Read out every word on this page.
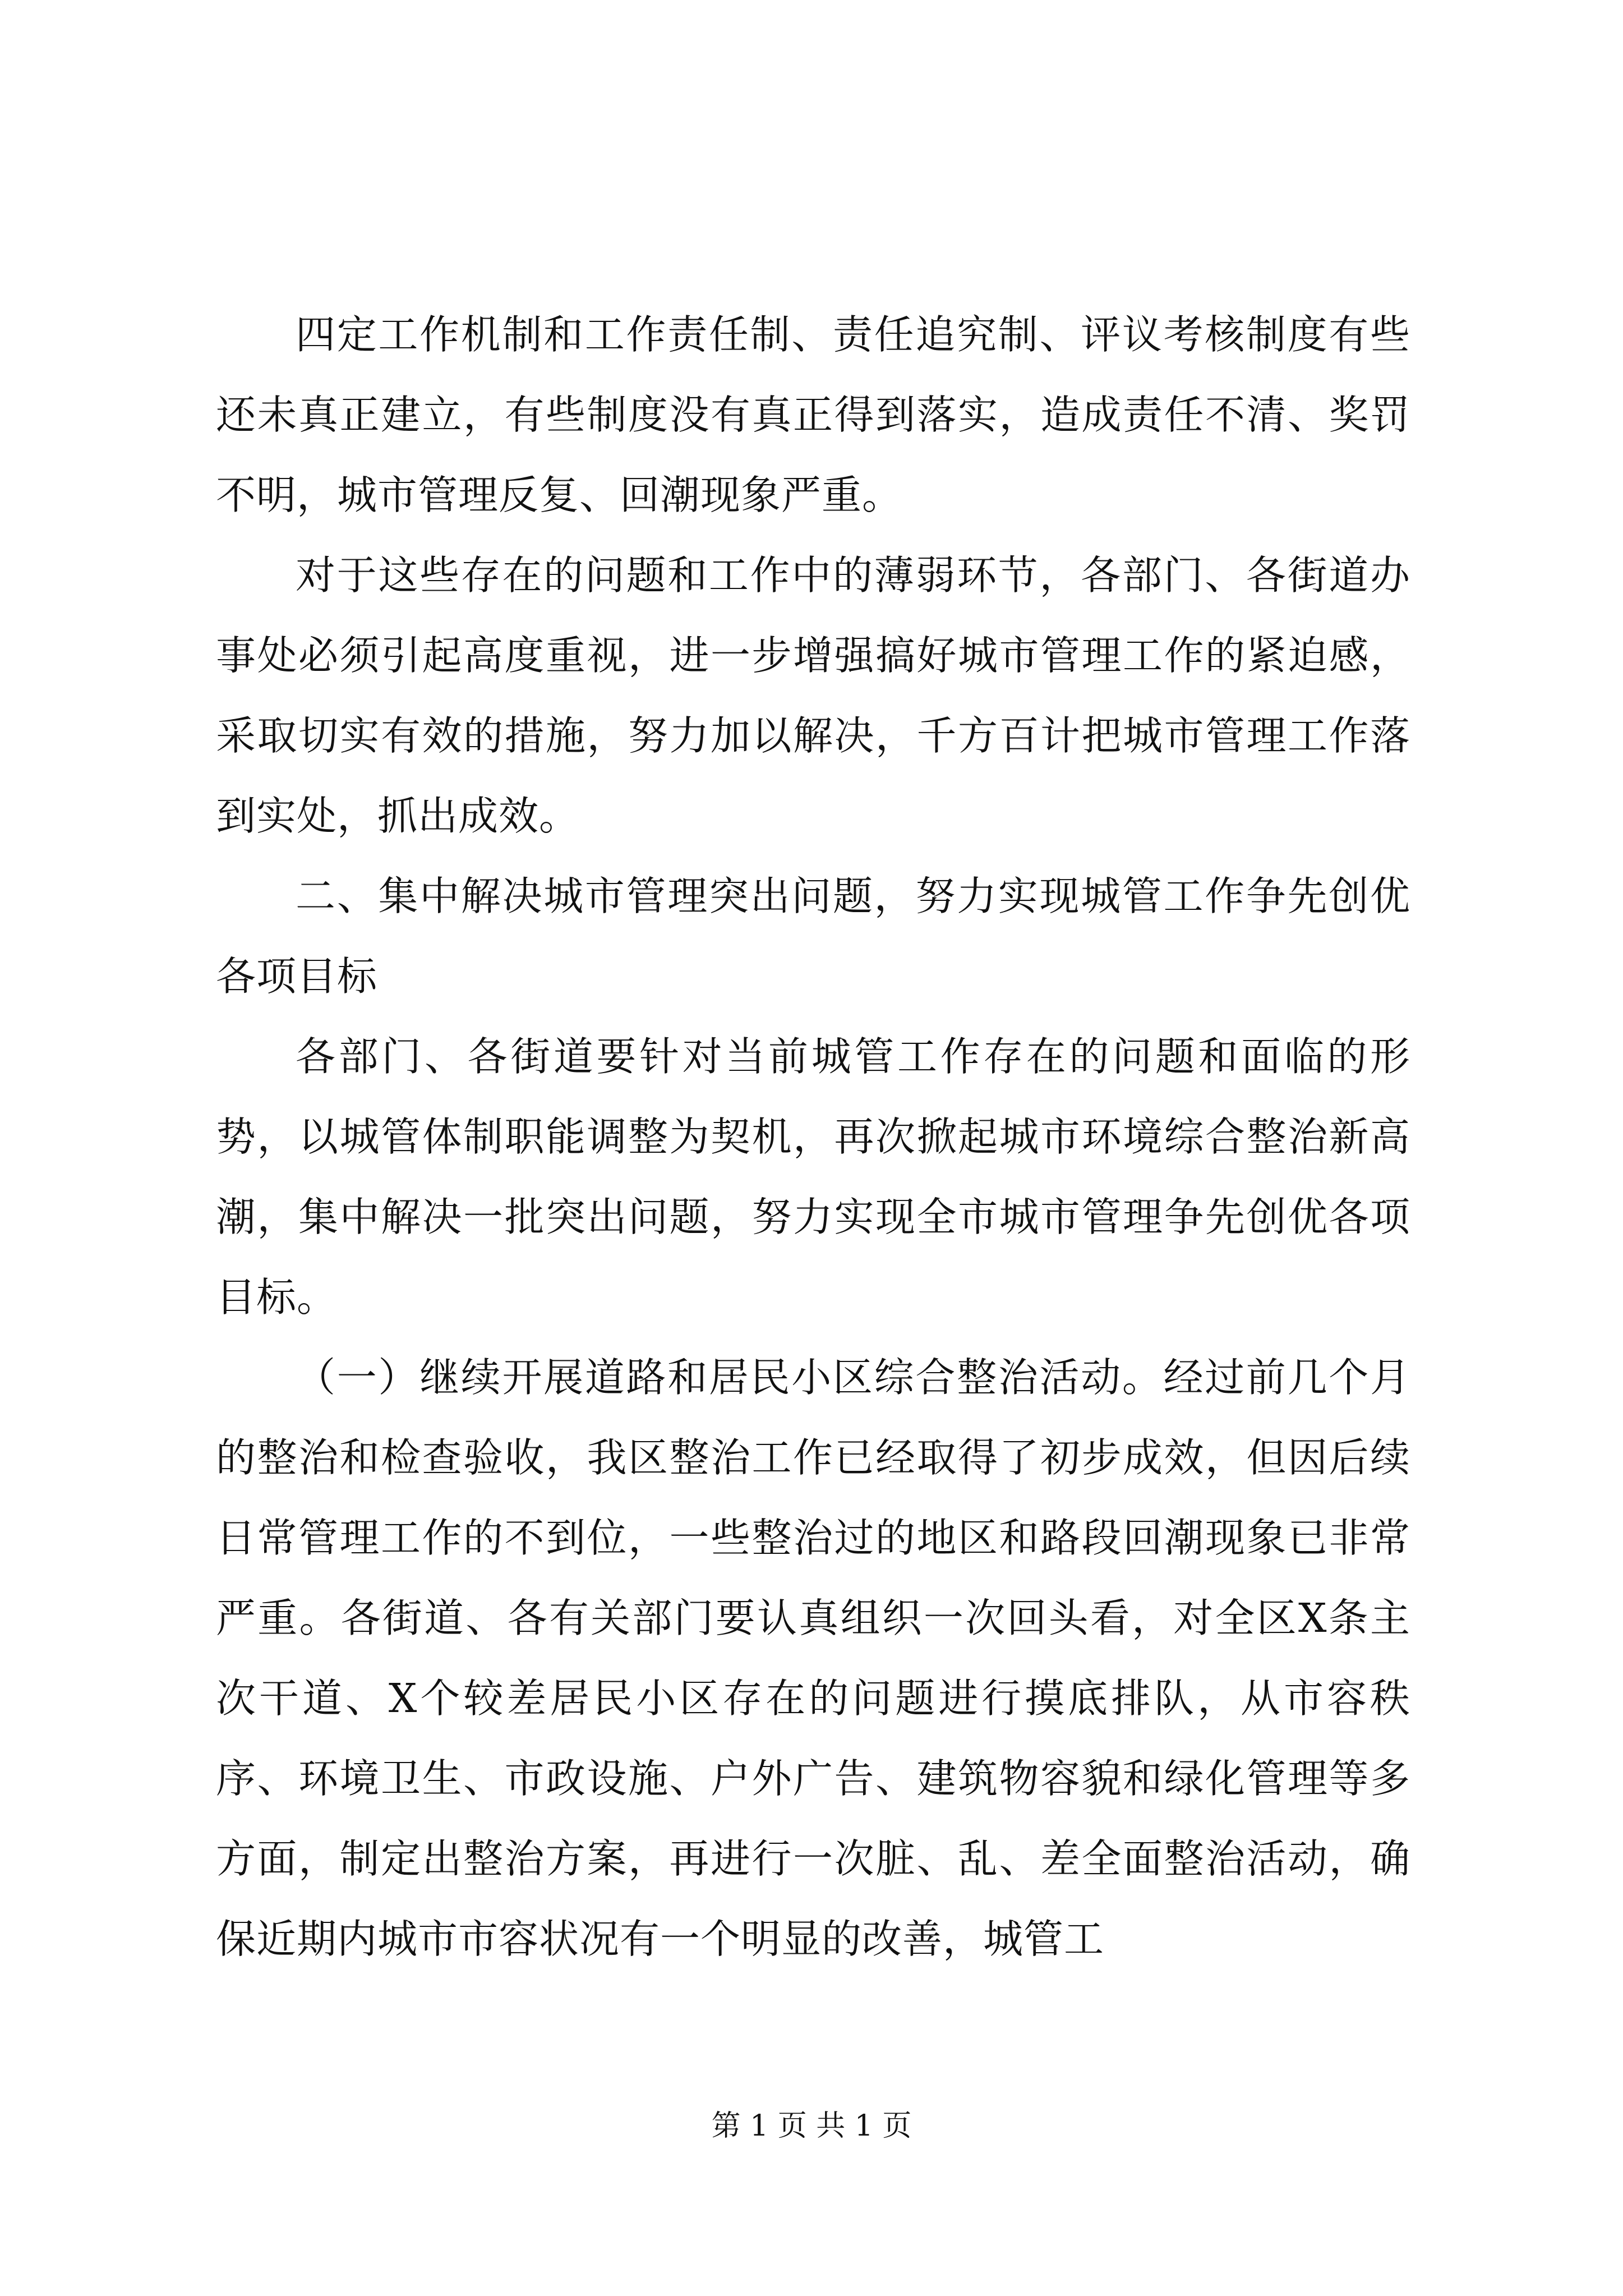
四定工作机制和工作责任制、责任追究制、评议考核制度有些还未真正建立，有些制度没有真正得到落实，造成责任不清、奖罚不明，城市管理反复、回潮现象严重。

对于这些存在的问题和工作中的薄弱环节，各部门、各街道办事处必须引起高度重视，进一步增强搞好城市管理工作的紧迫感，采取切实有效的措施，努力加以解决，千方百计把城市管理工作落到实处，抓出成效。

二、集中解决城市管理突出问题，努力实现城管工作争先创优各项目标

各部门、各街道要针对当前城管工作存在的问题和面临的形势，以城管体制职能调整为契机，再次掀起城市环境综合整治新高潮，集中解决一批突出问题，努力实现全市城市管理争先创优各项目标。

（一）继续开展道路和居民小区综合整治活动。经过前几个月的整治和检查验收，我区整治工作已经取得了初步成效，但因后续日常管理工作的不到位，一些整治过的地区和路段回潮现象已非常严重。各街道、各有关部门要认真组织一次回头看，对全区X条主次干道、X个较差居民小区存在的问题进行摸底排队，从市容秩序、环境卫生、市政设施、户外广告、建筑物容貌和绿化管理等多方面，制定出整治方案，再进行一次脏、乱、差全面整治活动，确保近期内城市市容状况有一个明显的改善，城管工

第 1 页 共 1 页
